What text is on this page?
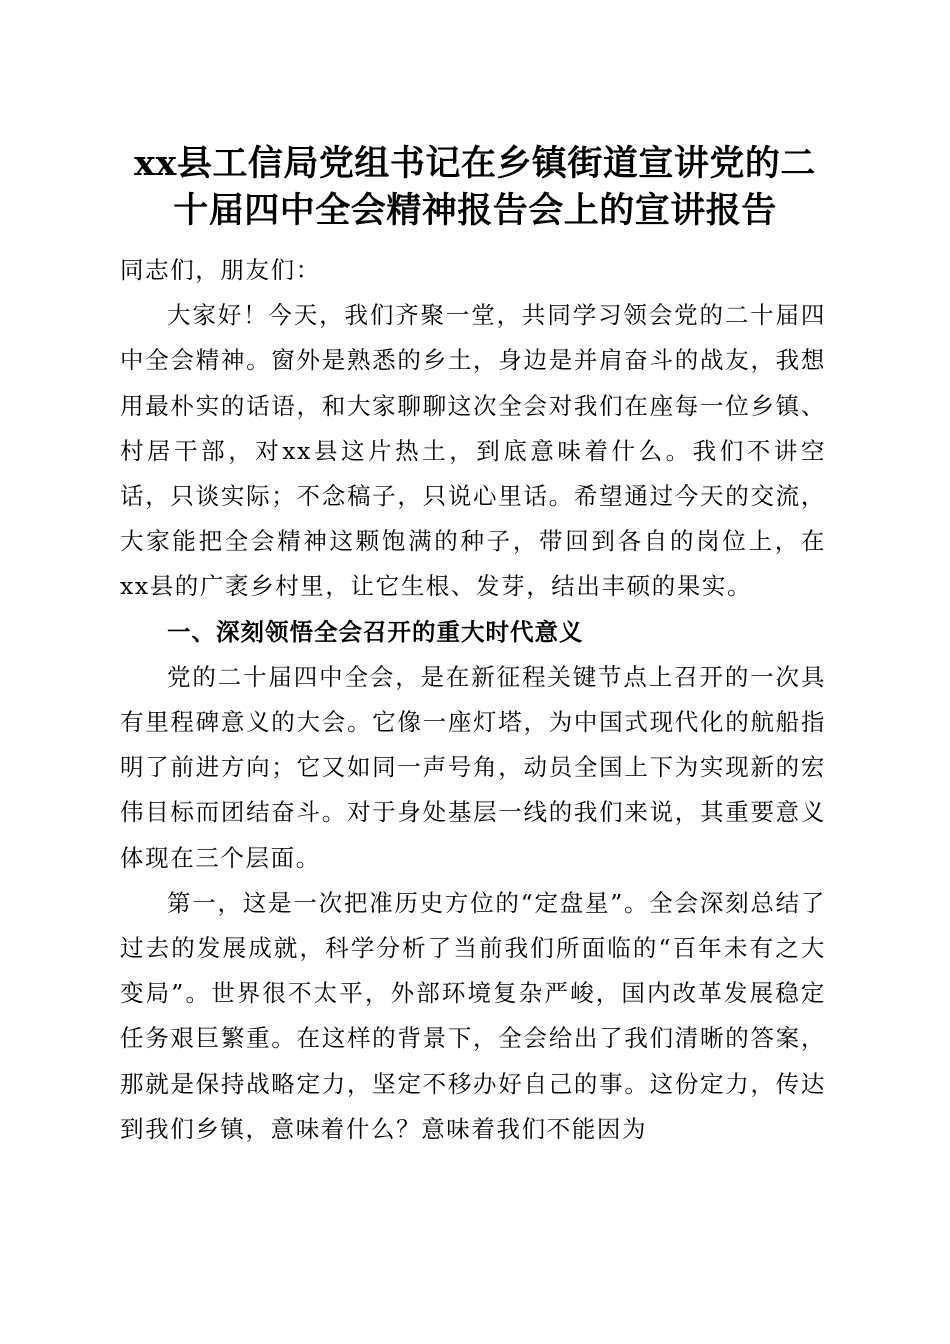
xx县工信局党组书记在乡镇街道宣讲党的二十届四中全会精神报告会上的宣讲报告

同志们，朋友们：

大家好！今天，我们齐聚一堂，共同学习领会党的二十届四中全会精神。窗外是熟悉的乡土，身边是并肩奋斗的战友，我想用最朴实的话语，和大家聊聊这次全会对我们在座每一位乡镇、村居干部，对xx县这片热土，到底意味着什么。我们不讲空话，只谈实际；不念稿子，只说心里话。希望通过今天的交流，大家能把全会精神这颗饱满的种子，带回到各自的岗位上，在xx县的广袤乡村里，让它生根、发芽，结出丰硕的果实。

一、深刻领悟全会召开的重大时代意义

党的二十届四中全会，是在新征程关键节点上召开的一次具有里程碑意义的大会。它像一座灯塔，为中国式现代化的航船指明了前进方向；它又如同一声号角，动员全国上下为实现新的宏伟目标而团结奋斗。对于身处基层一线的我们来说，其重要意义体现在三个层面。

第一，这是一次把准历史方位的“定盘星”。全会深刻总结了过去的发展成就，科学分析了当前我们所面临的“百年未有之大变局”。世界很不太平，外部环境复杂严峻，国内改革发展稳定任务艰巨繁重。在这样的背景下，全会给出了我们清晰的答案，那就是保持战略定力，坚定不移办好自己的事。这份定力，传达到我们乡镇，意味着什么？意味着我们不能因为
